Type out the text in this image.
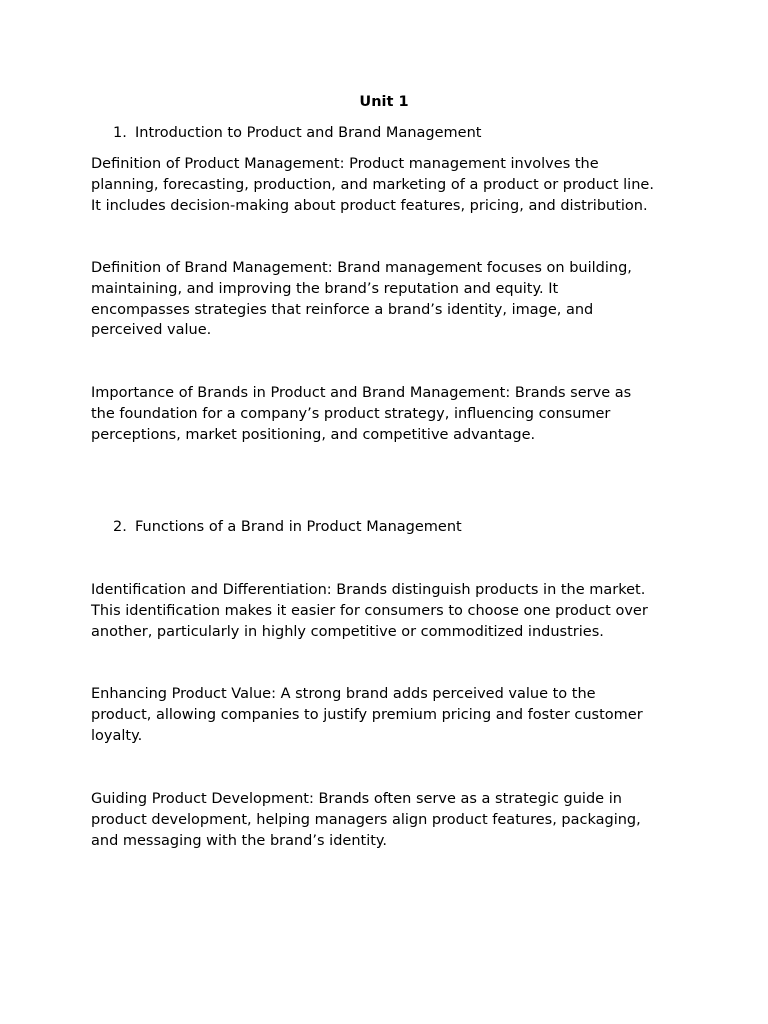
Unit 1
1. Introduction to Product and Brand Management
Definition of Product Management: Product management involves the
planning, forecasting, production, and marketing of a product or product line.
It includes decision-making about product features, pricing, and distribution.
Definition of Brand Management: Brand management focuses on building,
maintaining, and improving the brand’s reputation and equity. It
encompasses strategies that reinforce a brand’s identity, image, and
perceived value.
Importance of Brands in Product and Brand Management: Brands serve as
the foundation for a company’s product strategy, influencing consumer
perceptions, market positioning, and competitive advantage.
2. Functions of a Brand in Product Management
Identification and Differentiation: Brands distinguish products in the market.
This identification makes it easier for consumers to choose one product over
another, particularly in highly competitive or commoditized industries.
Enhancing Product Value: A strong brand adds perceived value to the
product, allowing companies to justify premium pricing and foster customer
loyalty.
Guiding Product Development: Brands often serve as a strategic guide in
product development, helping managers align product features, packaging,
and messaging with the brand’s identity.
